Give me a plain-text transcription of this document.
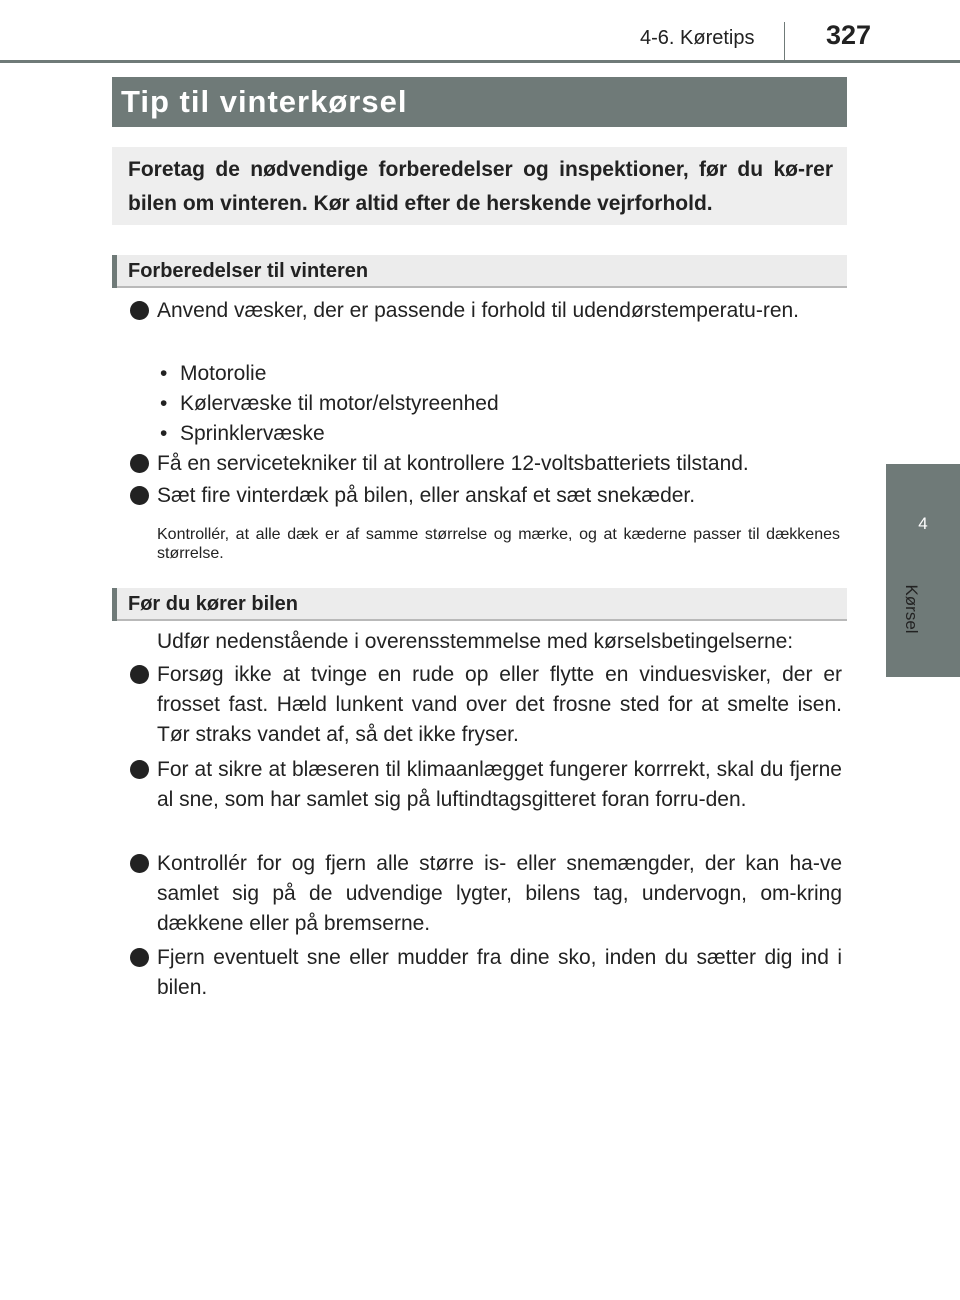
4-6. Køretips	327
4
Kørsel
Tip til vinterkørsel
Foretag de nødvendige forberedelser og inspektioner, før du kø-rer bilen om vinteren. Kør altid efter de herskende vejrforhold.
Forberedelser til vinteren
Anvend væsker, der er passende i forhold til udendørstemperatu-ren.
• Motorolie
• Kølervæske til motor/elstyreenhed
• Sprinklervæske
Få en servicetekniker til at kontrollere 12-voltsbatteriets tilstand.
Sæt fire vinterdæk på bilen, eller anskaf et sæt snekæder.
Kontrollér, at alle dæk er af samme størrelse og mærke, og at kæderne passer til dækkenes størrelse.
Før du kører bilen
Udfør nedenstående i overensstemmelse med kørselsbetingelserne:
Forsøg ikke at tvinge en rude op eller flytte en vinduesvisker, der er frosset fast. Hæld lunkent vand over det frosne sted for at smelte isen. Tør straks vandet af, så det ikke fryser.
For at sikre at blæseren til klimaanlægget fungerer korrrekt, skal du fjerne al sne, som har samlet sig på luftindtagsgitteret foran forru-den.
Kontrollér for og fjern alle større is- eller snemængder, der kan ha-ve samlet sig på de udvendige lygter, bilens tag, undervogn, om-kring dækkene eller på bremserne.
Fjern eventuelt sne eller mudder fra dine sko, inden du sætter dig ind i bilen.
